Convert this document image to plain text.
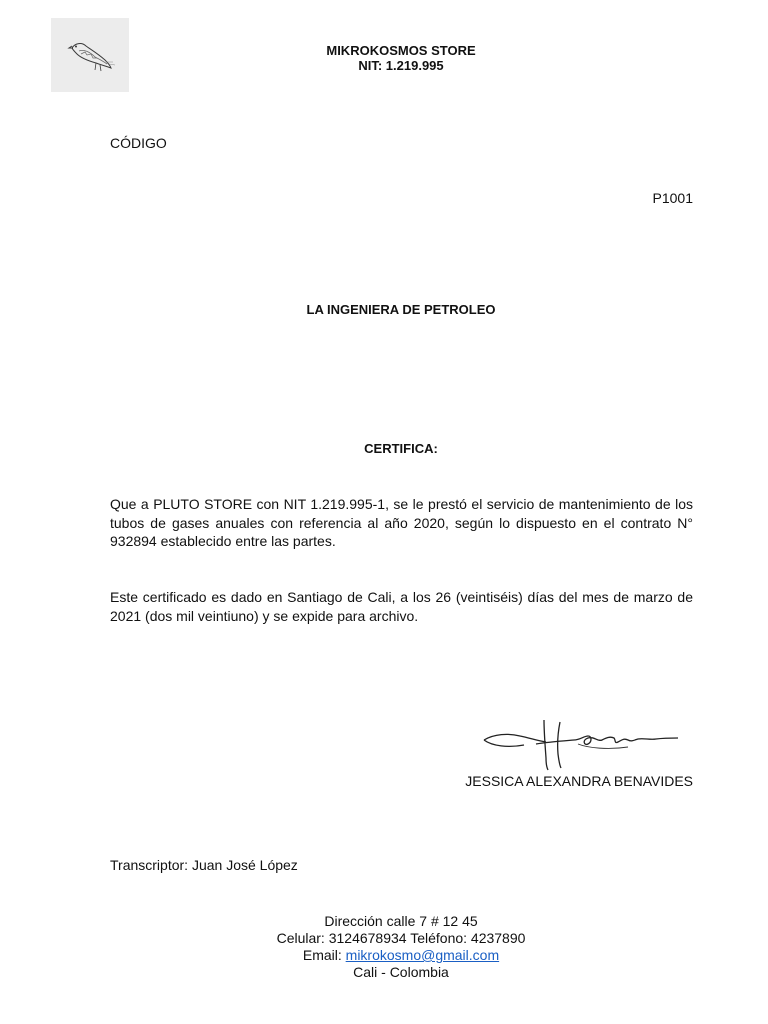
MIKROKOSMOS STORE
NIT: 1.219.995
CÓDIGO
P1001
LA INGENIERA DE PETROLEO
CERTIFICA:

Que a PLUTO STORE con NIT 1.219.995-1, se le prestó el servicio de mantenimiento de los tubos de gases anuales con referencia al año 2020, según lo dispuesto en el contrato N° 932894 establecido entre las partes.

Este certificado es dado en Santiago de Cali, a los 26 (veintiséis) días del mes de marzo de 2021 (dos mil veintiuno) y se expide para archivo.

JESSICA ALEXANDRA BENAVIDES
Transcriptor: Juan José López
Dirección calle 7 # 12 45
Celular: 3124678934 Teléfono: 4237890
Email: mikrokosmo@gmail.com
Cali - Colombia
